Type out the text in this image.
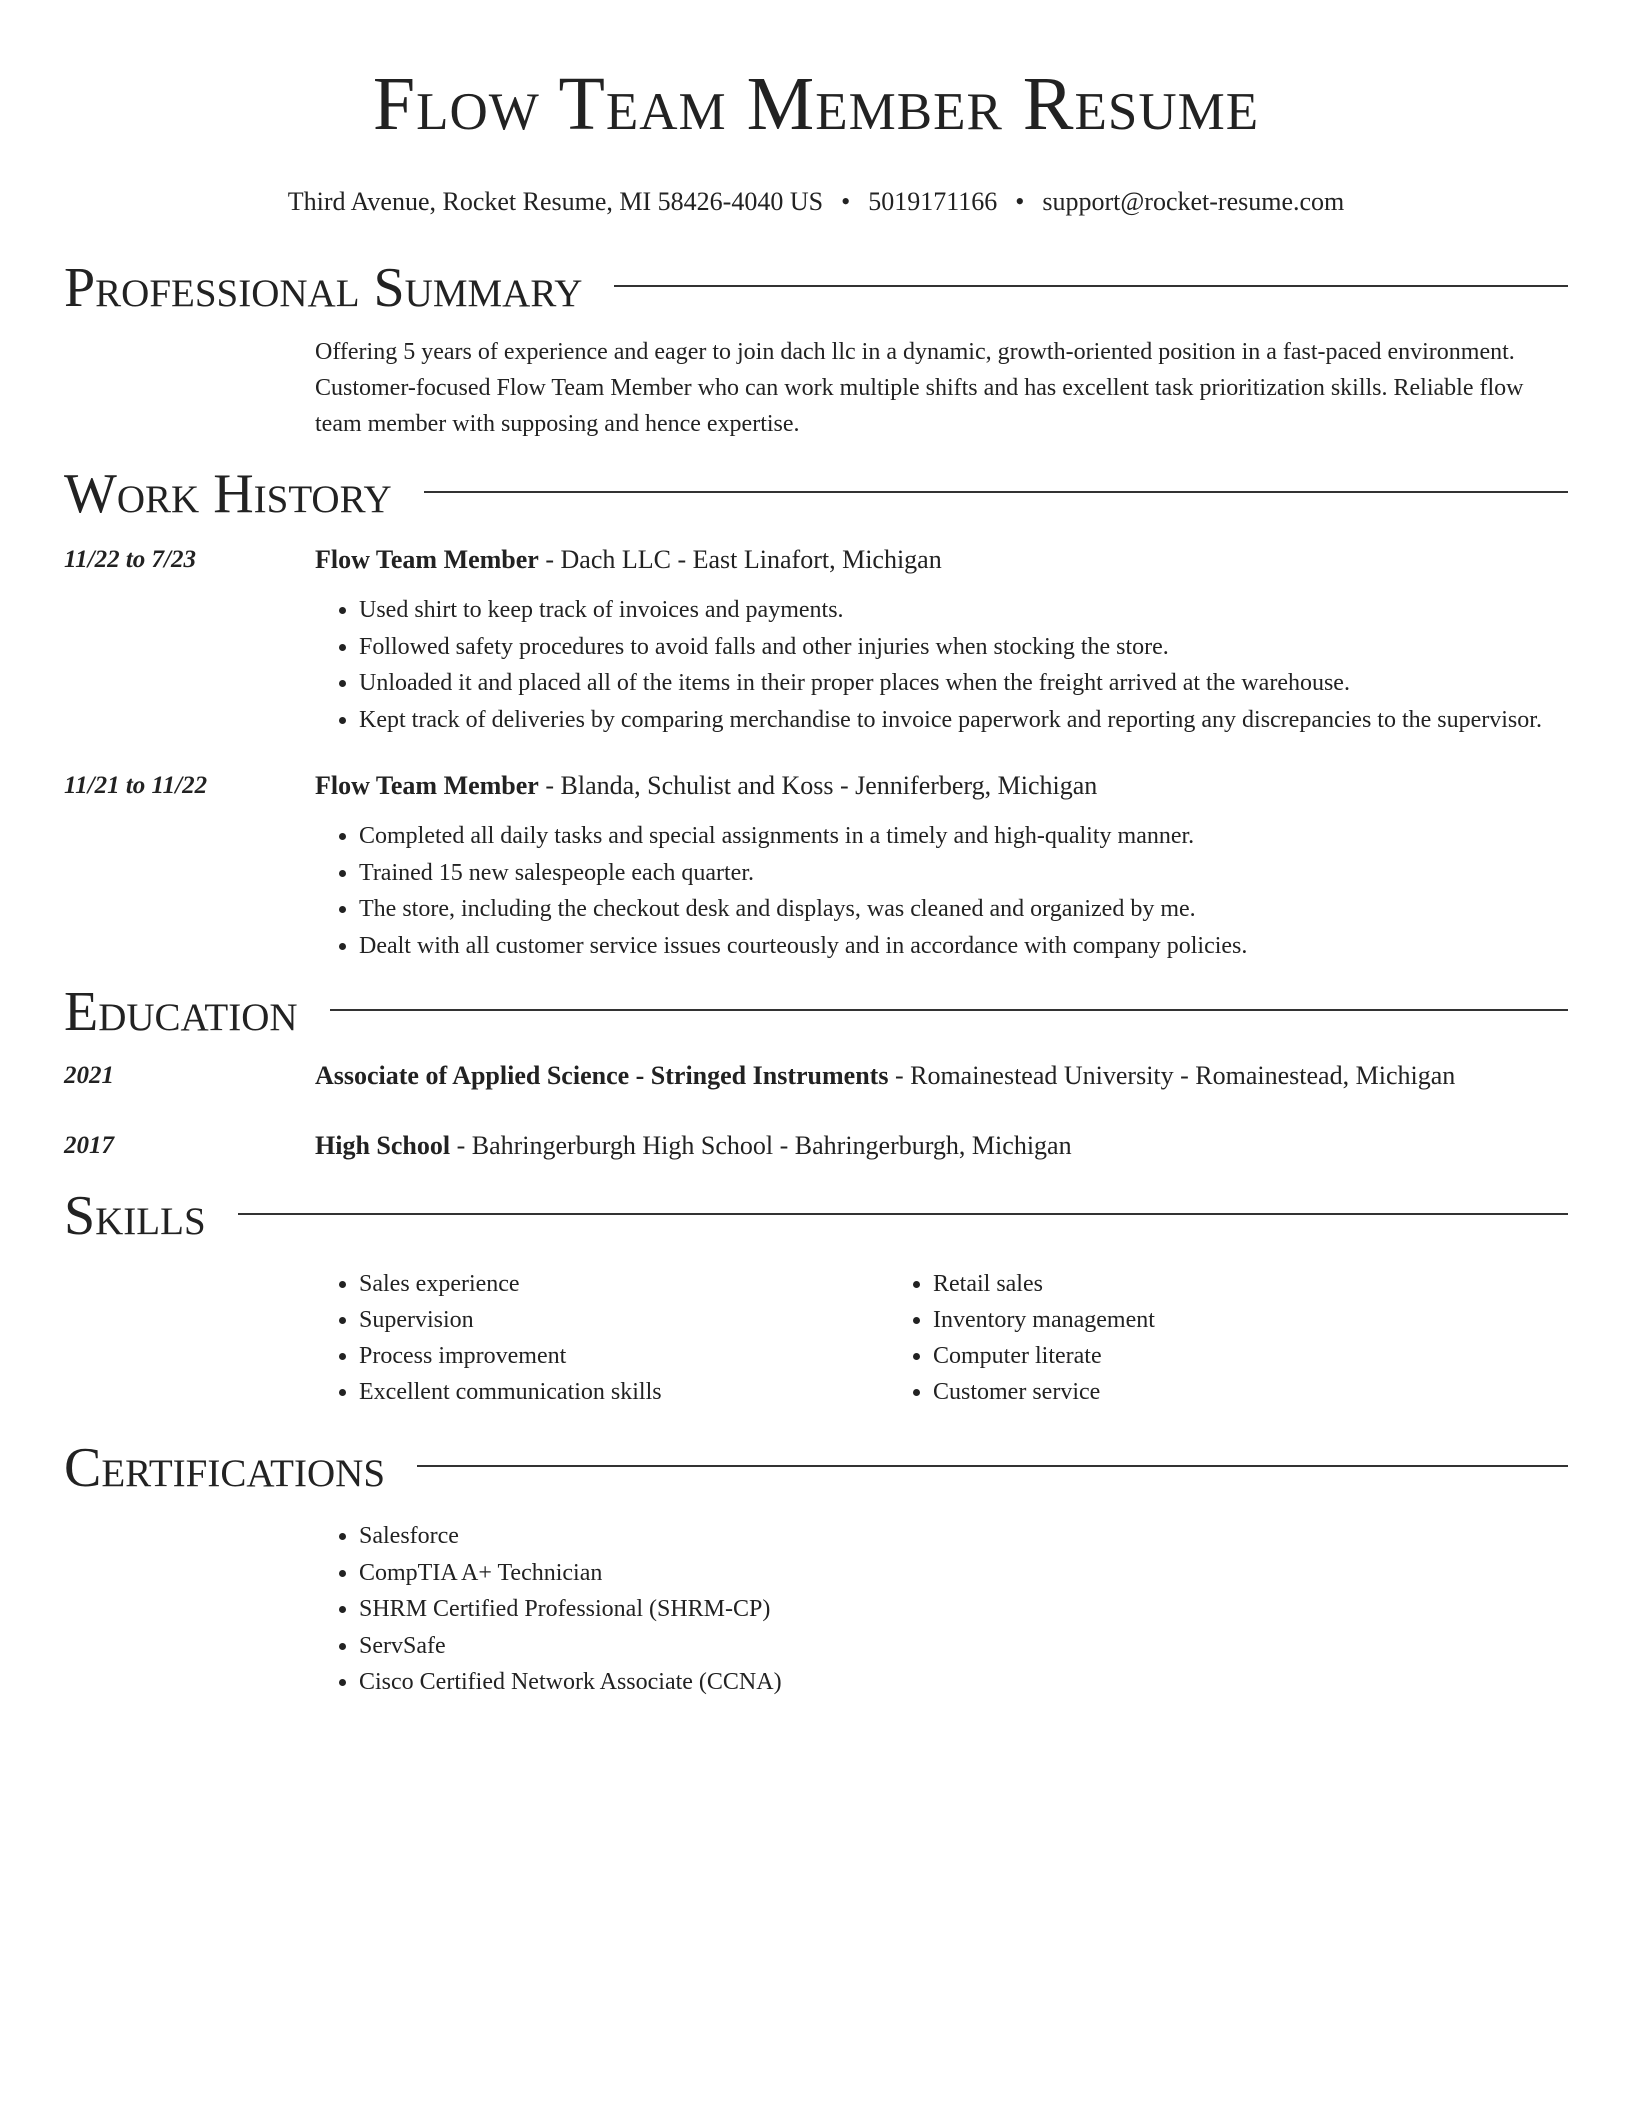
Flow Team Member Resume
Third Avenue, Rocket Resume, MI 58426-4040 US • 5019171166 • support@rocket-resume.com
Professional Summary
Offering 5 years of experience and eager to join dach llc in a dynamic, growth-oriented position in a fast-paced environment. Customer-focused Flow Team Member who can work multiple shifts and has excellent task prioritization skills. Reliable flow team member with supposing and hence expertise.
Work History
11/22 to 7/23	Flow Team Member - Dach LLC - East Linafort, Michigan
• Used shirt to keep track of invoices and payments.
• Followed safety procedures to avoid falls and other injuries when stocking the store.
• Unloaded it and placed all of the items in their proper places when the freight arrived at the warehouse.
• Kept track of deliveries by comparing merchandise to invoice paperwork and reporting any discrepancies to the supervisor.
11/21 to 11/22	Flow Team Member - Blanda, Schulist and Koss - Jenniferberg, Michigan
• Completed all daily tasks and special assignments in a timely and high-quality manner.
• Trained 15 new salespeople each quarter.
• The store, including the checkout desk and displays, was cleaned and organized by me.
• Dealt with all customer service issues courteously and in accordance with company policies.
Education
2021	Associate of Applied Science - Stringed Instruments - Romainestead University - Romainestead, Michigan
2017	High School - Bahringerburgh High School - Bahringerburgh, Michigan
Skills
• Sales experience
• Supervision
• Process improvement
• Excellent communication skills
• Retail sales
• Inventory management
• Computer literate
• Customer service
Certifications
• Salesforce
• CompTIA A+ Technician
• SHRM Certified Professional (SHRM-CP)
• ServSafe
• Cisco Certified Network Associate (CCNA)
